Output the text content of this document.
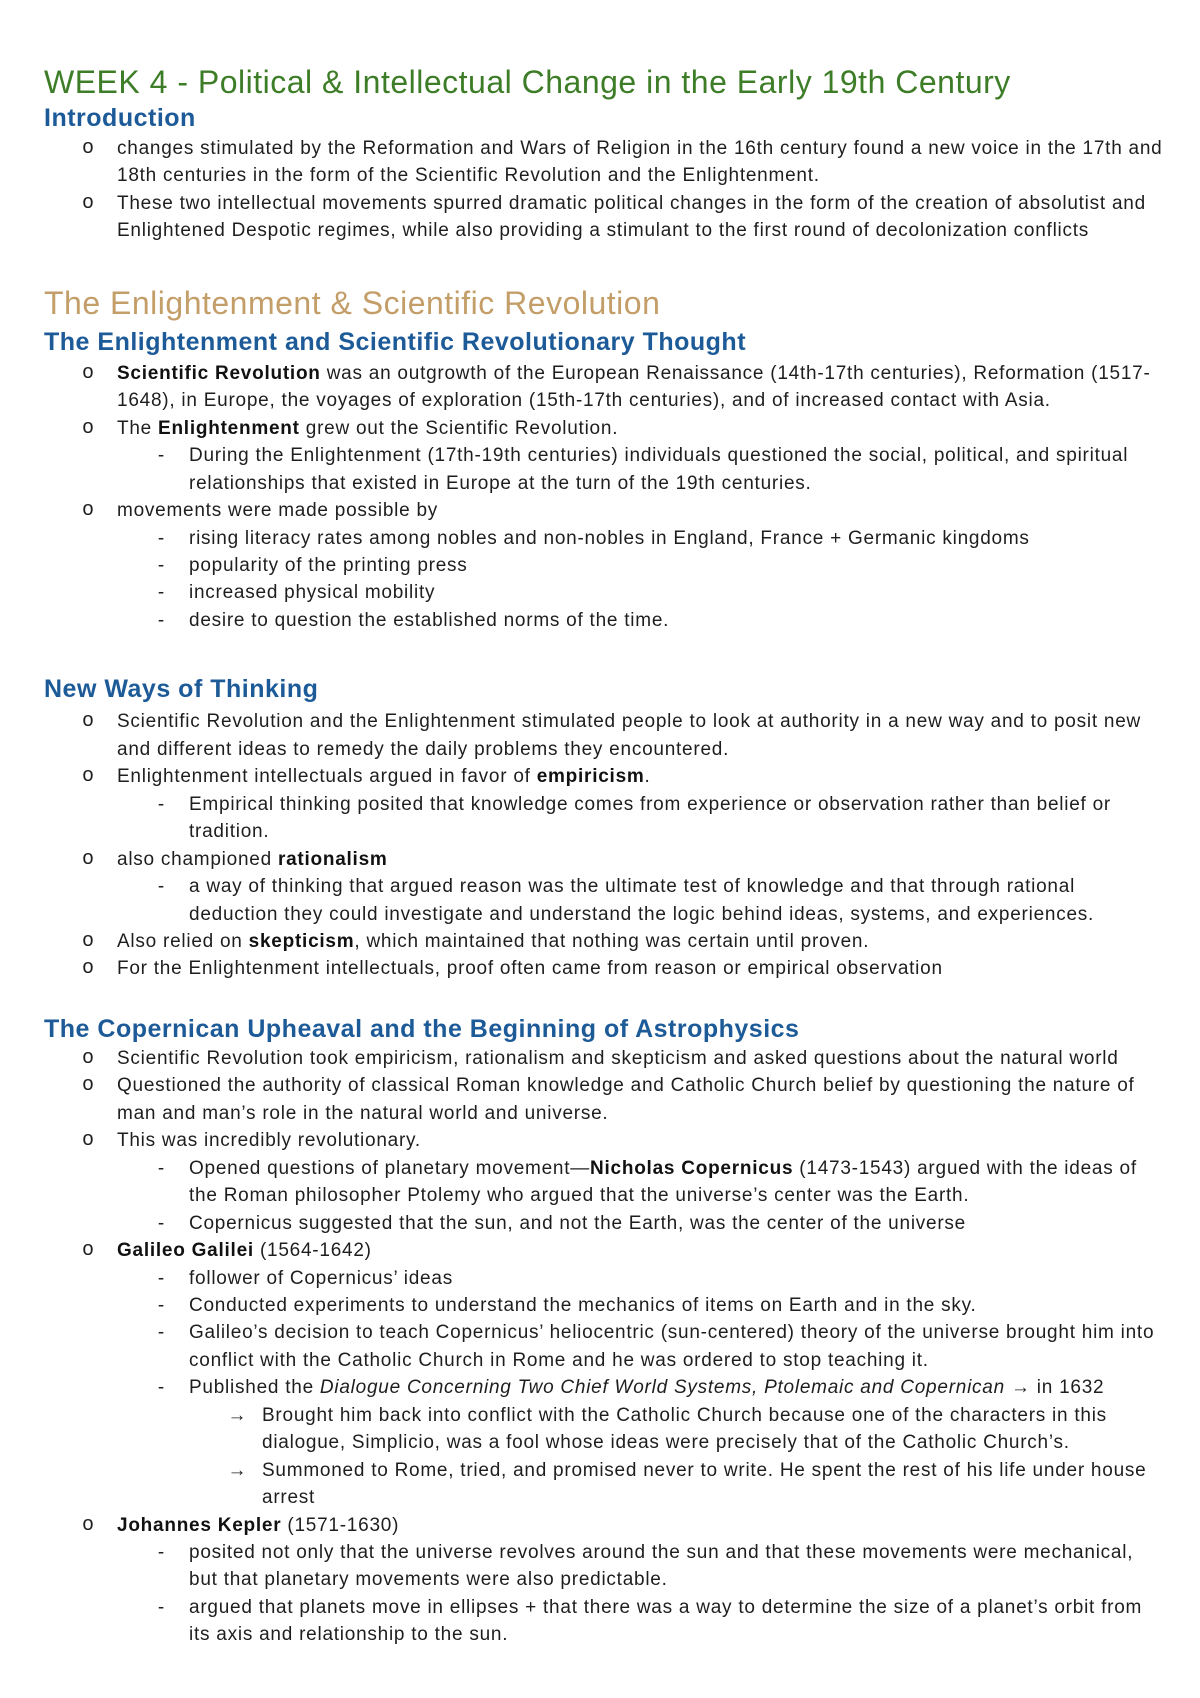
WEEK 4 - Political & Intellectual Change in the Early 19th Century
Introduction
o changes stimulated by the Reformation and Wars of Religion in the 16th century found a new voice in the 17th and 18th centuries in the form of the Scientific Revolution and the Enlightenment.
o These two intellectual movements spurred dramatic political changes in the form of the creation of absolutist and Enlightened Despotic regimes, while also providing a stimulant to the first round of decolonization conflicts
The Enlightenment & Scientific Revolution
The Enlightenment and Scientific Revolutionary Thought
o Scientific Revolution was an outgrowth of the European Renaissance (14th-17th centuries), Reformation (1517-1648), in Europe, the voyages of exploration (15th-17th centuries), and of increased contact with Asia.
o The Enlightenment grew out the Scientific Revolution.
-	During the Enlightenment (17th-19th centuries) individuals questioned the social, political, and spiritual relationships that existed in Europe at the turn of the 19th centuries.
o movements were made possible by
-	rising literacy rates among nobles and non-nobles in England, France + Germanic kingdoms
-	popularity of the printing press
-	increased physical mobility
-	desire to question the established norms of the time.
New Ways of Thinking
o Scientific Revolution and the Enlightenment stimulated people to look at authority in a new way and to posit new and different ideas to remedy the daily problems they encountered.
o Enlightenment intellectuals argued in favor of empiricism.
-	Empirical thinking posited that knowledge comes from experience or observation rather than belief or tradition.
o also championed rationalism
-	a way of thinking that argued reason was the ultimate test of knowledge and that through rational deduction they could investigate and understand the logic behind ideas, systems, and experiences.
o Also relied on skepticism, which maintained that nothing was certain until proven.
o For the Enlightenment intellectuals, proof often came from reason or empirical observation
The Copernican Upheaval and the Beginning of Astrophysics
o Scientific Revolution took empiricism, rationalism and skepticism and asked questions about the natural world
o Questioned the authority of classical Roman knowledge and Catholic Church belief by questioning the nature of man and man’s role in the natural world and universe.
o This was incredibly revolutionary.
-	Opened questions of planetary movement—Nicholas Copernicus (1473-1543) argued with the ideas of the Roman philosopher Ptolemy who argued that the universe’s center was the Earth.
-	Copernicus suggested that the sun, and not the Earth, was the center of the universe
o Galileo Galilei (1564-1642)
-	follower of Copernicus’ ideas
-	Conducted experiments to understand the mechanics of items on Earth and in the sky.
-	Galileo’s decision to teach Copernicus’ heliocentric (sun-centered) theory of the universe brought him into conflict with the Catholic Church in Rome and he was ordered to stop teaching it.
-	Published the Dialogue Concerning Two Chief World Systems, Ptolemaic and Copernican → in 1632
→ Brought him back into conflict with the Catholic Church because one of the characters in this dialogue, Simplicio, was a fool whose ideas were precisely that of the Catholic Church’s.
→ Summoned to Rome, tried, and promised never to write. He spent the rest of his life under house arrest
o Johannes Kepler (1571-1630)
-	posited not only that the universe revolves around the sun and that these movements were mechanical, but that planetary movements were also predictable.
-	argued that planets move in ellipses + that there was a way to determine the size of a planet’s orbit from its axis and relationship to the sun.
